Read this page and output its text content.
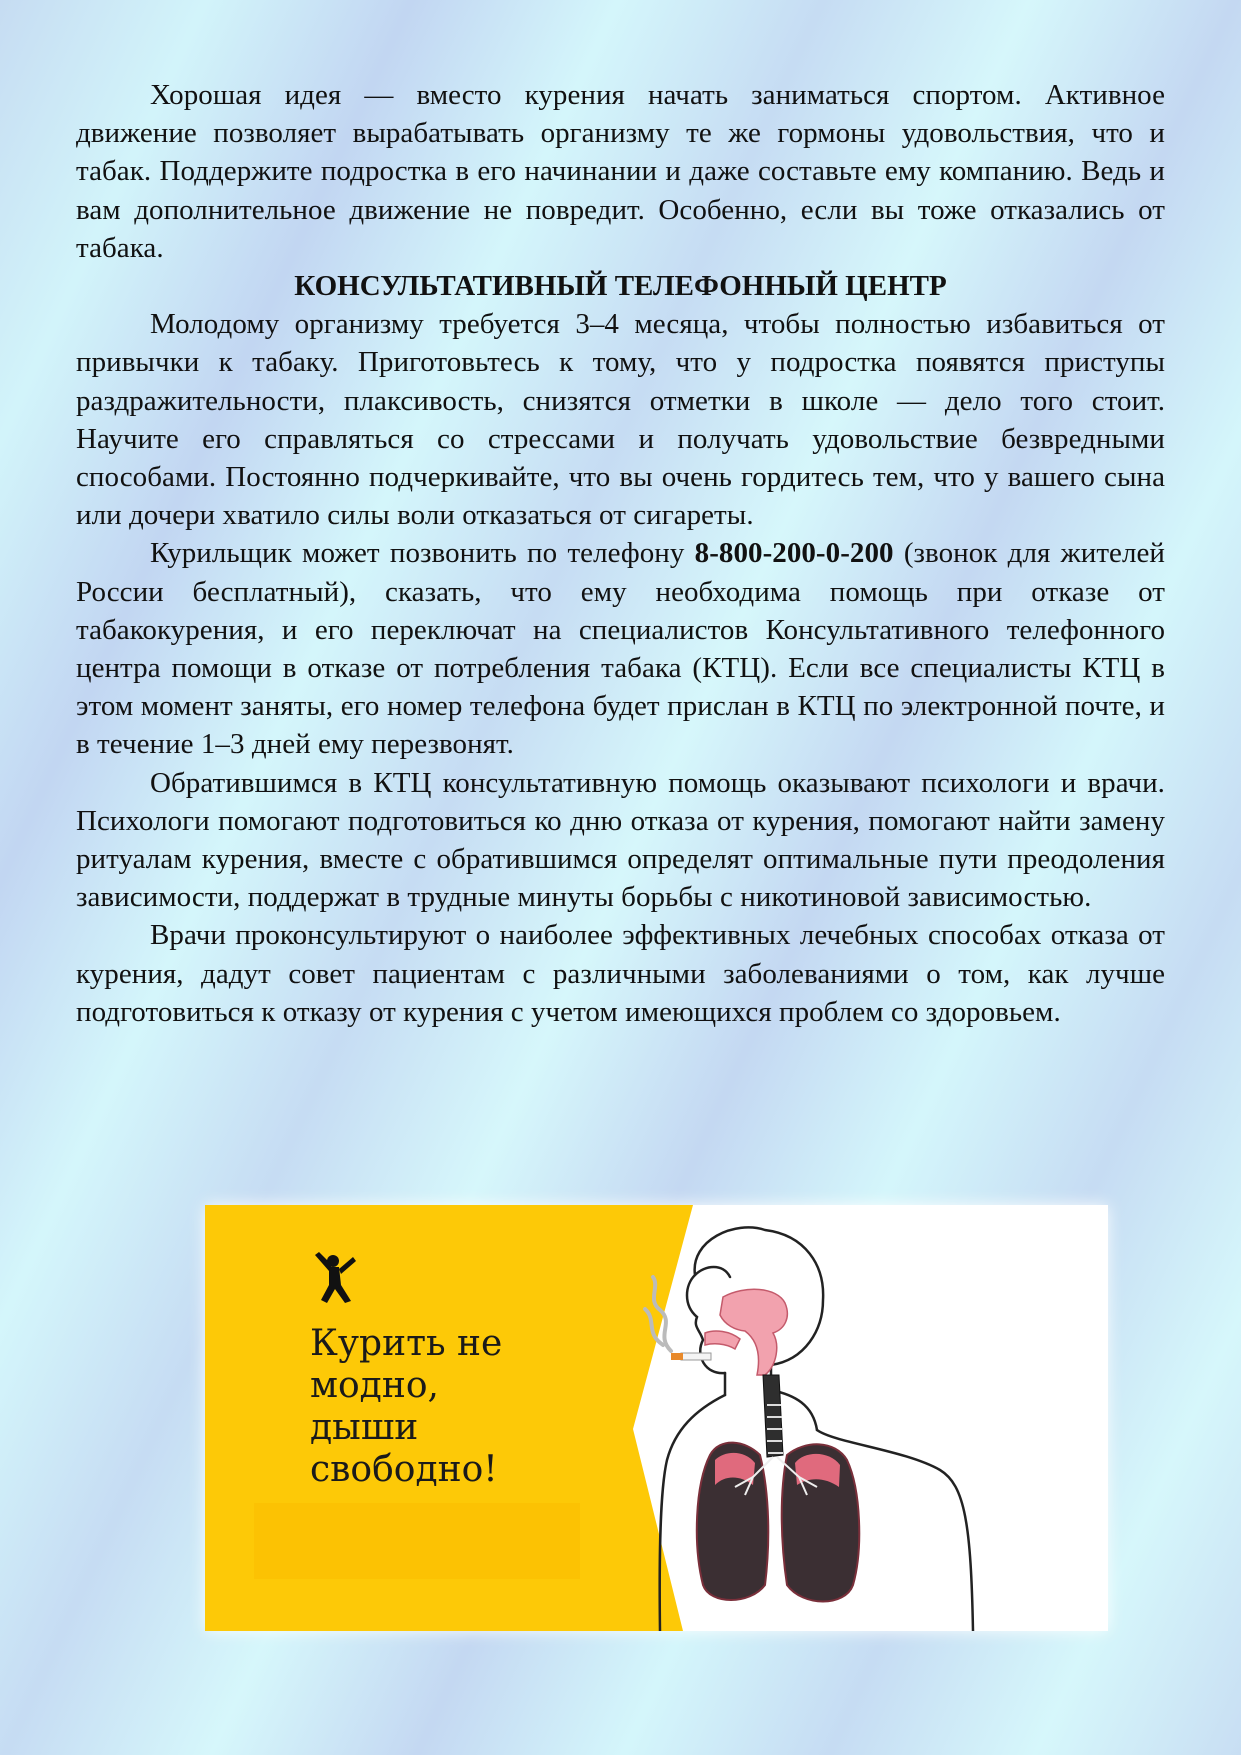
Хорошая идея — вместо курения начать заниматься спортом. Активное движение позволяет вырабатывать организму те же гормоны удовольствия, что и табак. Поддержите подростка в его начинании и даже составьте ему компанию. Ведь и вам дополнительное движение не повредит. Особенно, если вы тоже отказались от табака.

КОНСУЛЬТАТИВНЫЙ ТЕЛЕФОННЫЙ ЦЕНТР

Молодому организму требуется 3–4 месяца, чтобы полностью избавиться от привычки к табаку. Приготовьтесь к тому, что у подростка появятся приступы раздражительности, плаксивость, снизятся отметки в школе — дело того стоит. Научите его справляться со стрессами и получать удовольствие безвредными способами. Постоянно подчеркивайте, что вы очень гордитесь тем, что у вашего сына или дочери хватило силы воли отказаться от сигареты.

Курильщик может позвонить по телефону 8-800-200-0-200 (звонок для жителей России бесплатный), сказать, что ему необходима помощь при отказе от табакокурения, и его переключат на специалистов Консультативного телефонного центра помощи в отказе от потребления табака (КТЦ). Если все специалисты КТЦ в этом момент заняты, его номер телефона будет прислан в КТЦ по электронной почте, и в течение 1–3 дней ему перезвонят.

Обратившимся в КТЦ консультативную помощь оказывают психологи и врачи. Психологи помогают подготовиться ко дню отказа от курения, помогают найти замену ритуалам курения, вместе с обратившимся определят оптимальные пути преодоления зависимости, поддержат в трудные минуты борьбы с никотиновой зависимостью.

Врачи проконсультируют о наиболее эффективных лечебных способах отказа от курения, дадут совет пациентам с различными заболеваниями о том, как лучше подготовиться к отказу от курения с учетом имеющихся проблем со здоровьем.

Курить не
модно,
дыши
свободно!
